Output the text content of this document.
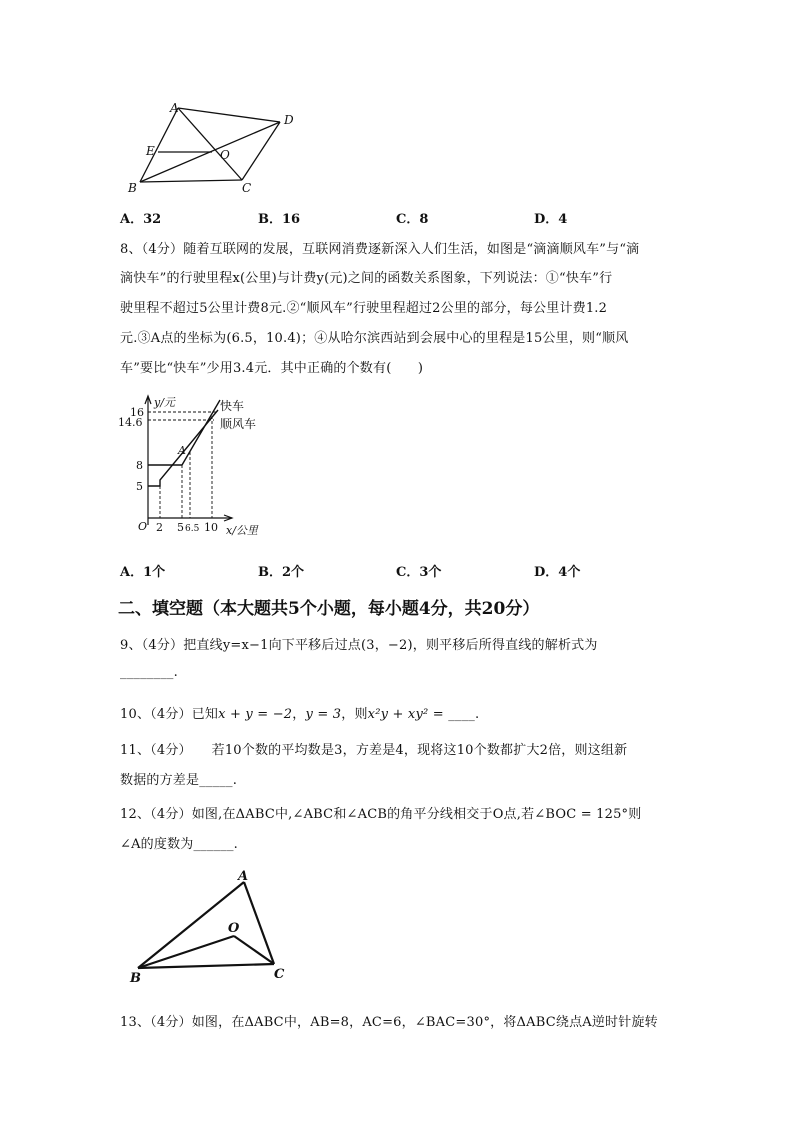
A
D
E	O
B	C
A．32	B．16	C．8	D．4
8、（4分）随着互联网的发展，互联网消费逐新深入人们生活，如图是“滴滴顺风车”与“滴
滴快车”的行驶里程x(公里)与计费y(元)之间的函数关系图象，下列说法：①“快车”行
驶里程不超过5公里计费8元.②“顺风车”行驶里程超过2公里的部分，每公里计费1.2
元.③A点的坐标为(6.5，10.4)；④从哈尔滨西站到会展中心的里程是15公里，则“顺风
车”要比“快车”少用3.4元．其中正确的个数有(　　)
y/元
x/公里
O
A
16
14.6
8
5
2 5 6.5 10
快车
顺风车
A．1个	B．2个	C．3个	D．4个
二、填空题（本大题共5个小题，每小题4分，共20分）
9、（4分）把直线y=x−1向下平移后过点(3，−2)，则平移后所得直线的解析式为
________.
10、（4分）已知x + y = −2，y = 3，则x²y + xy² = ____.
11、（4分）　　若10个数的平均数是3，方差是4，现将这10个数都扩大2倍，则这组新
数据的方差是_____.
12、（4分）如图,在ΔABC中,∠ABC和∠ACB的角平分线相交于O点,若∠BOC = 125°则
∠A的度数为______.
A
O
B	C
13、（4分）如图，在ΔABC中，AB=8，AC=6，∠BAC=30°，将ΔABC绕点A逆时针旋转
